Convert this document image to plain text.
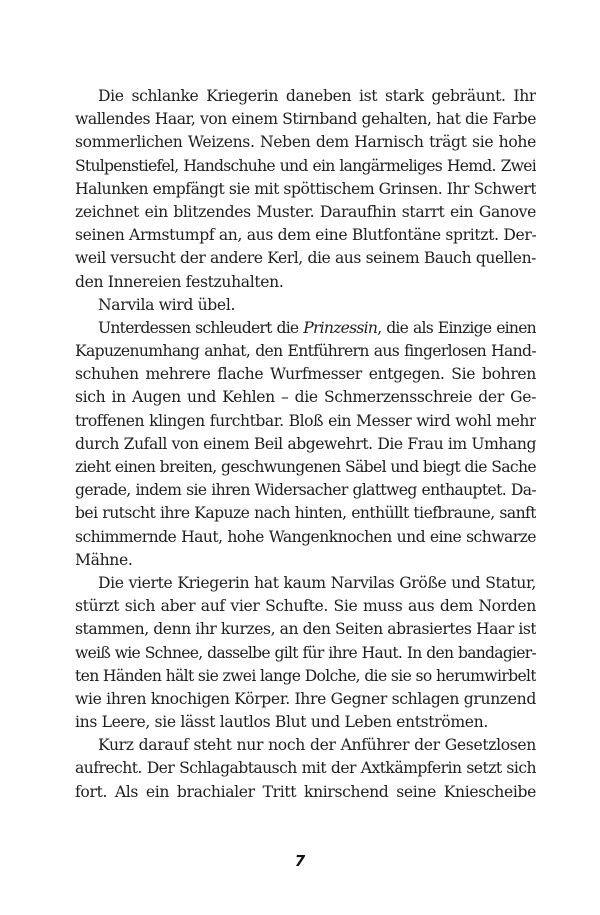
Die schlanke Kriegerin daneben ist stark gebräunt. Ihr
wallendes Haar, von einem Stirnband gehalten, hat die Farbe
sommerlichen Weizens. Neben dem Harnisch trägt sie hohe
Stulpenstiefel, Handschuhe und ein langärmeliges Hemd. Zwei
Halunken empfängt sie mit spöttischem Grinsen. Ihr Schwert
zeichnet ein blitzendes Muster. Daraufhin starrt ein Ganove
seinen Armstumpf an, aus dem eine Blutfontäne spritzt. Der-
weil versucht der andere Kerl, die aus seinem Bauch quellen-
den Innereien festzuhalten.
Narvila wird übel.
Unterdessen schleudert die Prinzessin, die als Einzige einen
Kapuzenumhang anhat, den Entführern aus fingerlosen Hand-
schuhen mehrere flache Wurfmesser entgegen. Sie bohren
sich in Augen und Kehlen – die Schmerzensschreie der Ge-
troffenen klingen furchtbar. Bloß ein Messer wird wohl mehr
durch Zufall von einem Beil abgewehrt. Die Frau im Umhang
zieht einen breiten, geschwungenen Säbel und biegt die Sache
gerade, indem sie ihren Widersacher glattweg enthauptet. Da-
bei rutscht ihre Kapuze nach hinten, enthüllt tiefbraune, sanft
schimmernde Haut, hohe Wangenknochen und eine schwarze
Mähne.
Die vierte Kriegerin hat kaum Narvilas Größe und Statur,
stürzt sich aber auf vier Schufte. Sie muss aus dem Norden
stammen, denn ihr kurzes, an den Seiten abrasiertes Haar ist
weiß wie Schnee, dasselbe gilt für ihre Haut. In den bandagier-
ten Händen hält sie zwei lange Dolche, die sie so herumwirbelt
wie ihren knochigen Körper. Ihre Gegner schlagen grunzend
ins Leere, sie lässt lautlos Blut und Leben entströmen.
Kurz darauf steht nur noch der Anführer der Gesetzlosen
aufrecht. Der Schlagabtausch mit der Axtkämpferin setzt sich
fort. Als ein brachialer Tritt knirschend seine Kniescheibe
7
